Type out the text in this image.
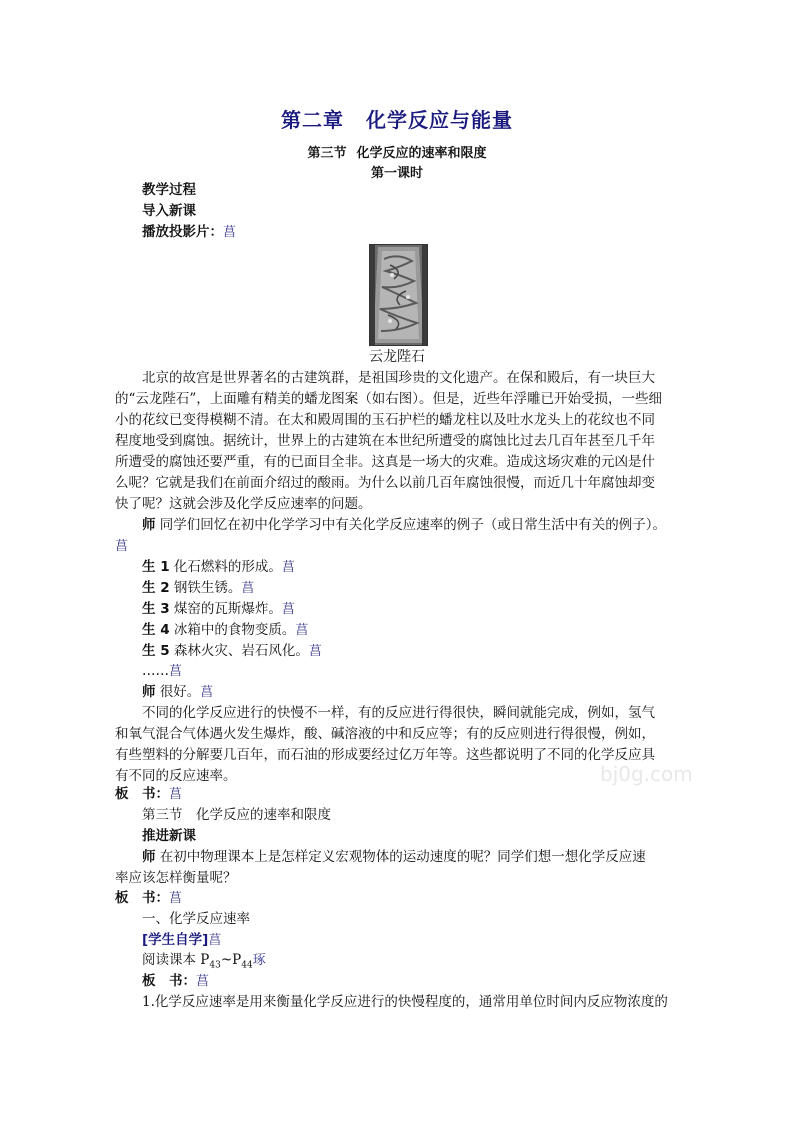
第二章 化学反应与能量
第三节 化学反应的速率和限度
第一课时
教学过程
导入新课
播放投影片：菖
云龙陛石
北京的故宫是世界著名的古建筑群，是祖国珍贵的文化遗产。在保和殿后，有一块巨大
的“云龙陛石”，上面雕有精美的蟠龙图案（如右图）。但是，近些年浮雕已开始受损，一些细
小的花纹已变得模糊不清。在太和殿周围的玉石护栏的蟠龙柱以及吐水龙头上的花纹也不同
程度地受到腐蚀。据统计，世界上的古建筑在本世纪所遭受的腐蚀比过去几百年甚至几千年
所遭受的腐蚀还要严重，有的已面目全非。这真是一场大的灾难。造成这场灾难的元凶是什
么呢？它就是我们在前面介绍过的酸雨。为什么以前几百年腐蚀很慢，而近几十年腐蚀却变
快了呢？这就会涉及化学反应速率的问题。
师 同学们回忆在初中化学学习中有关化学反应速率的例子（或日常生活中有关的例子）。
菖
生 1 化石燃料的形成。菖
生 2 钢铁生锈。菖
生 3 煤窑的瓦斯爆炸。菖
生 4 冰箱中的食物变质。菖
生 5 森林火灾、岩石风化。菖
……菖
师 很好。菖
不同的化学反应进行的快慢不一样，有的反应进行得很快，瞬间就能完成，例如，氢气
和氧气混合气体遇火发生爆炸，酸、碱溶液的中和反应等；有的反应则进行得很慢，例如，
有些塑料的分解要几百年，而石油的形成要经过亿万年等。这些都说明了不同的化学反应具
有不同的反应速率。	bj0g.com
板　书：菖
第三节　化学反应的速率和限度
推进新课
师 在初中物理课本上是怎样定义宏观物体的运动速度的呢？同学们想一想化学反应速
率应该怎样衡量呢？
板　书：菖
一、化学反应速率
[学生自学]菖
阅读课本 $P_{43}\sim P_{44}$琢
板　书：菖
1.化学反应速率是用来衡量化学反应进行的快慢程度的，通常用单位时间内反应物浓度的
